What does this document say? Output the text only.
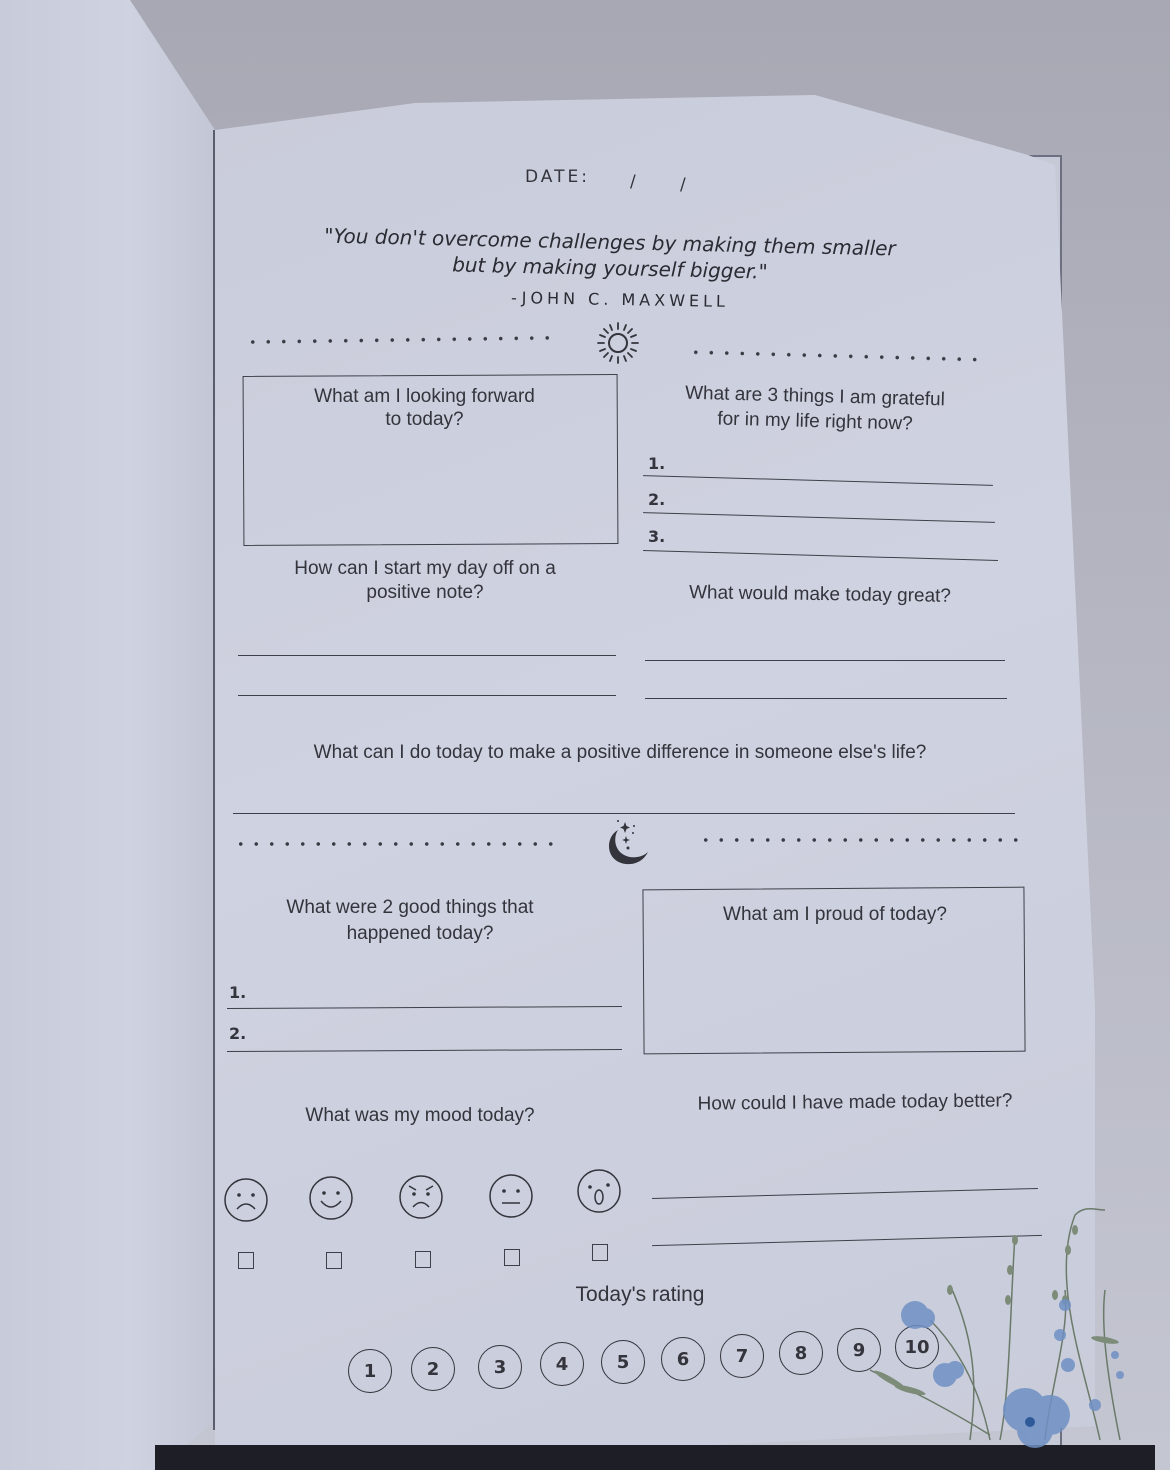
DATE: / /
"You don't overcome challenges by making them smaller
but by making yourself bigger."
-JOHN C. MAXWELL
What am I looking forward
to today?
What are 3 things I am grateful
for in my life right now?
1.
2.
3.
How can I start my day off on a
positive note?	What would make today great?
What can I do today to make a positive difference in someone else's life?
What were 2 good things that
happened today?
1.
2.
What am I proud of today?
What was my mood today?
How could I have made today better?
Today's rating
1	2	3	4	5	6	7	8	9	10
